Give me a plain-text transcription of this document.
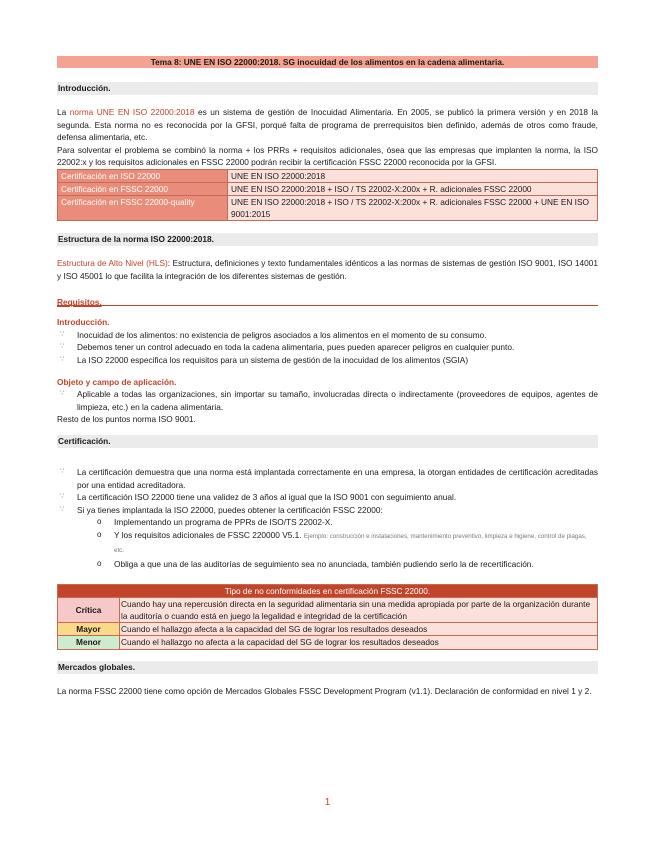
Tema 8: UNE EN ISO 22000:2018. SG inocuidad de los alimentos en la cadena alimentaria.
Introducción.

La norma UNE EN ISO 22000:2018 es un sistema de gestión de Inocuidad Alimentaria. En 2005, se publicó la primera versión y en 2018 la segunda. Esta norma no es reconocida por la GFSI, porqué falta de programa de prerrequisitos bien definido, además de otros como fraude, defensa alimentaria, etc.

Para solventar el problema se combinó la norma + los PRRs + requisitos adicionales, ósea que las empresas que implanten la norma, la ISO 22002:x y los requisitos adicionales en FSSC 22000 podrán recibir la certificación FSSC 22000 reconocida por la GFSI.

Certificación en ISO 22000	UNE EN ISO 22000:2018
Certificación en FSSC 22000	UNE EN ISO 22000:2018 + ISO / TS 22002-X:200x + R. adicionales FSSC 22000
Certificación en FSSC 22000-quality	UNE EN ISO 22000:2018 + ISO / TS 22002-X:200x + R. adicionales FSSC 22000 + UNE EN ISO 9001:2015
Estructura de la norma ISO 22000:2018.

Estructura de Alto Nivel (HLS): Estructura, definiciones y texto fundamentales idénticos a las normas de sistemas de gestión ISO 9001, ISO 14001 y ISO 45001 lo que facilita la integración de los diferentes sistemas de gestión.

Requisitos.

Introducción.

∵ Inocuidad de los alimentos: no existencia de peligros asociados a los alimentos en el momento de su consumo.
∵ Debemos tener un control adecuado en toda la cadena alimentaria, pues pueden aparecer peligros en cualquier punto.
∵ La ISO 22000 especifica los requisitos para un sistema de gestión de la inocuidad de los alimentos (SGIA)

Objeto y campo de aplicación.

∵ Aplicable a todas las organizaciones, sin importar su tamaño, involucradas directa o indirectamente (proveedores de equipos, agentes de limpieza, etc.) en la cadena alimentaria.

Resto de los puntos norma ISO 9001.

Certificación.
∵ La certificación demuestra que una norma está implantada correctamente en una empresa, la otorgan entidades de certificación acreditadas por una entidad acreditadora.
∵ La certificación ISO 22000 tiene una validez de 3 años al igual que la ISO 9001 con seguimiento anual.
∵ Si ya tienes implantada la ISO 22000, puedes obtener la certificación FSSC 22000:
o Implementando un programa de PPRs de ISO/TS 22002-X.
o Y los requisitos adicionales de FSSC 220000 V5.1. Ejemplo: construcción e instalaciones, mantenimiento preventivo, limpieza e higiene, control de plagas, etc.
o Obliga a que una de las auditorías de seguimiento sea no anunciada, también pudiendo serlo la de recertificación.
Tipo de no conformidades en certificación FSSC 22000.	
Crítica	Cuando hay una repercusión directa en la seguridad alimentaria sin una medida apropiada por parte de la organización durante la auditoría o cuando está en juego la legalidad e integridad de la certificación
Mayor	Cuando el hallazgo afecta a la capacidad del SG de lograr los resultados deseados
Menor	Cuando el hallazgo no afecta a la capacidad del SG de lograr los resultados deseados
Mercados globales.

La norma FSSC 22000 tiene como opción de Mercados Globales FSSC Development Program (v1.1). Declaración de conformidad en nivel 1 y 2.

1
